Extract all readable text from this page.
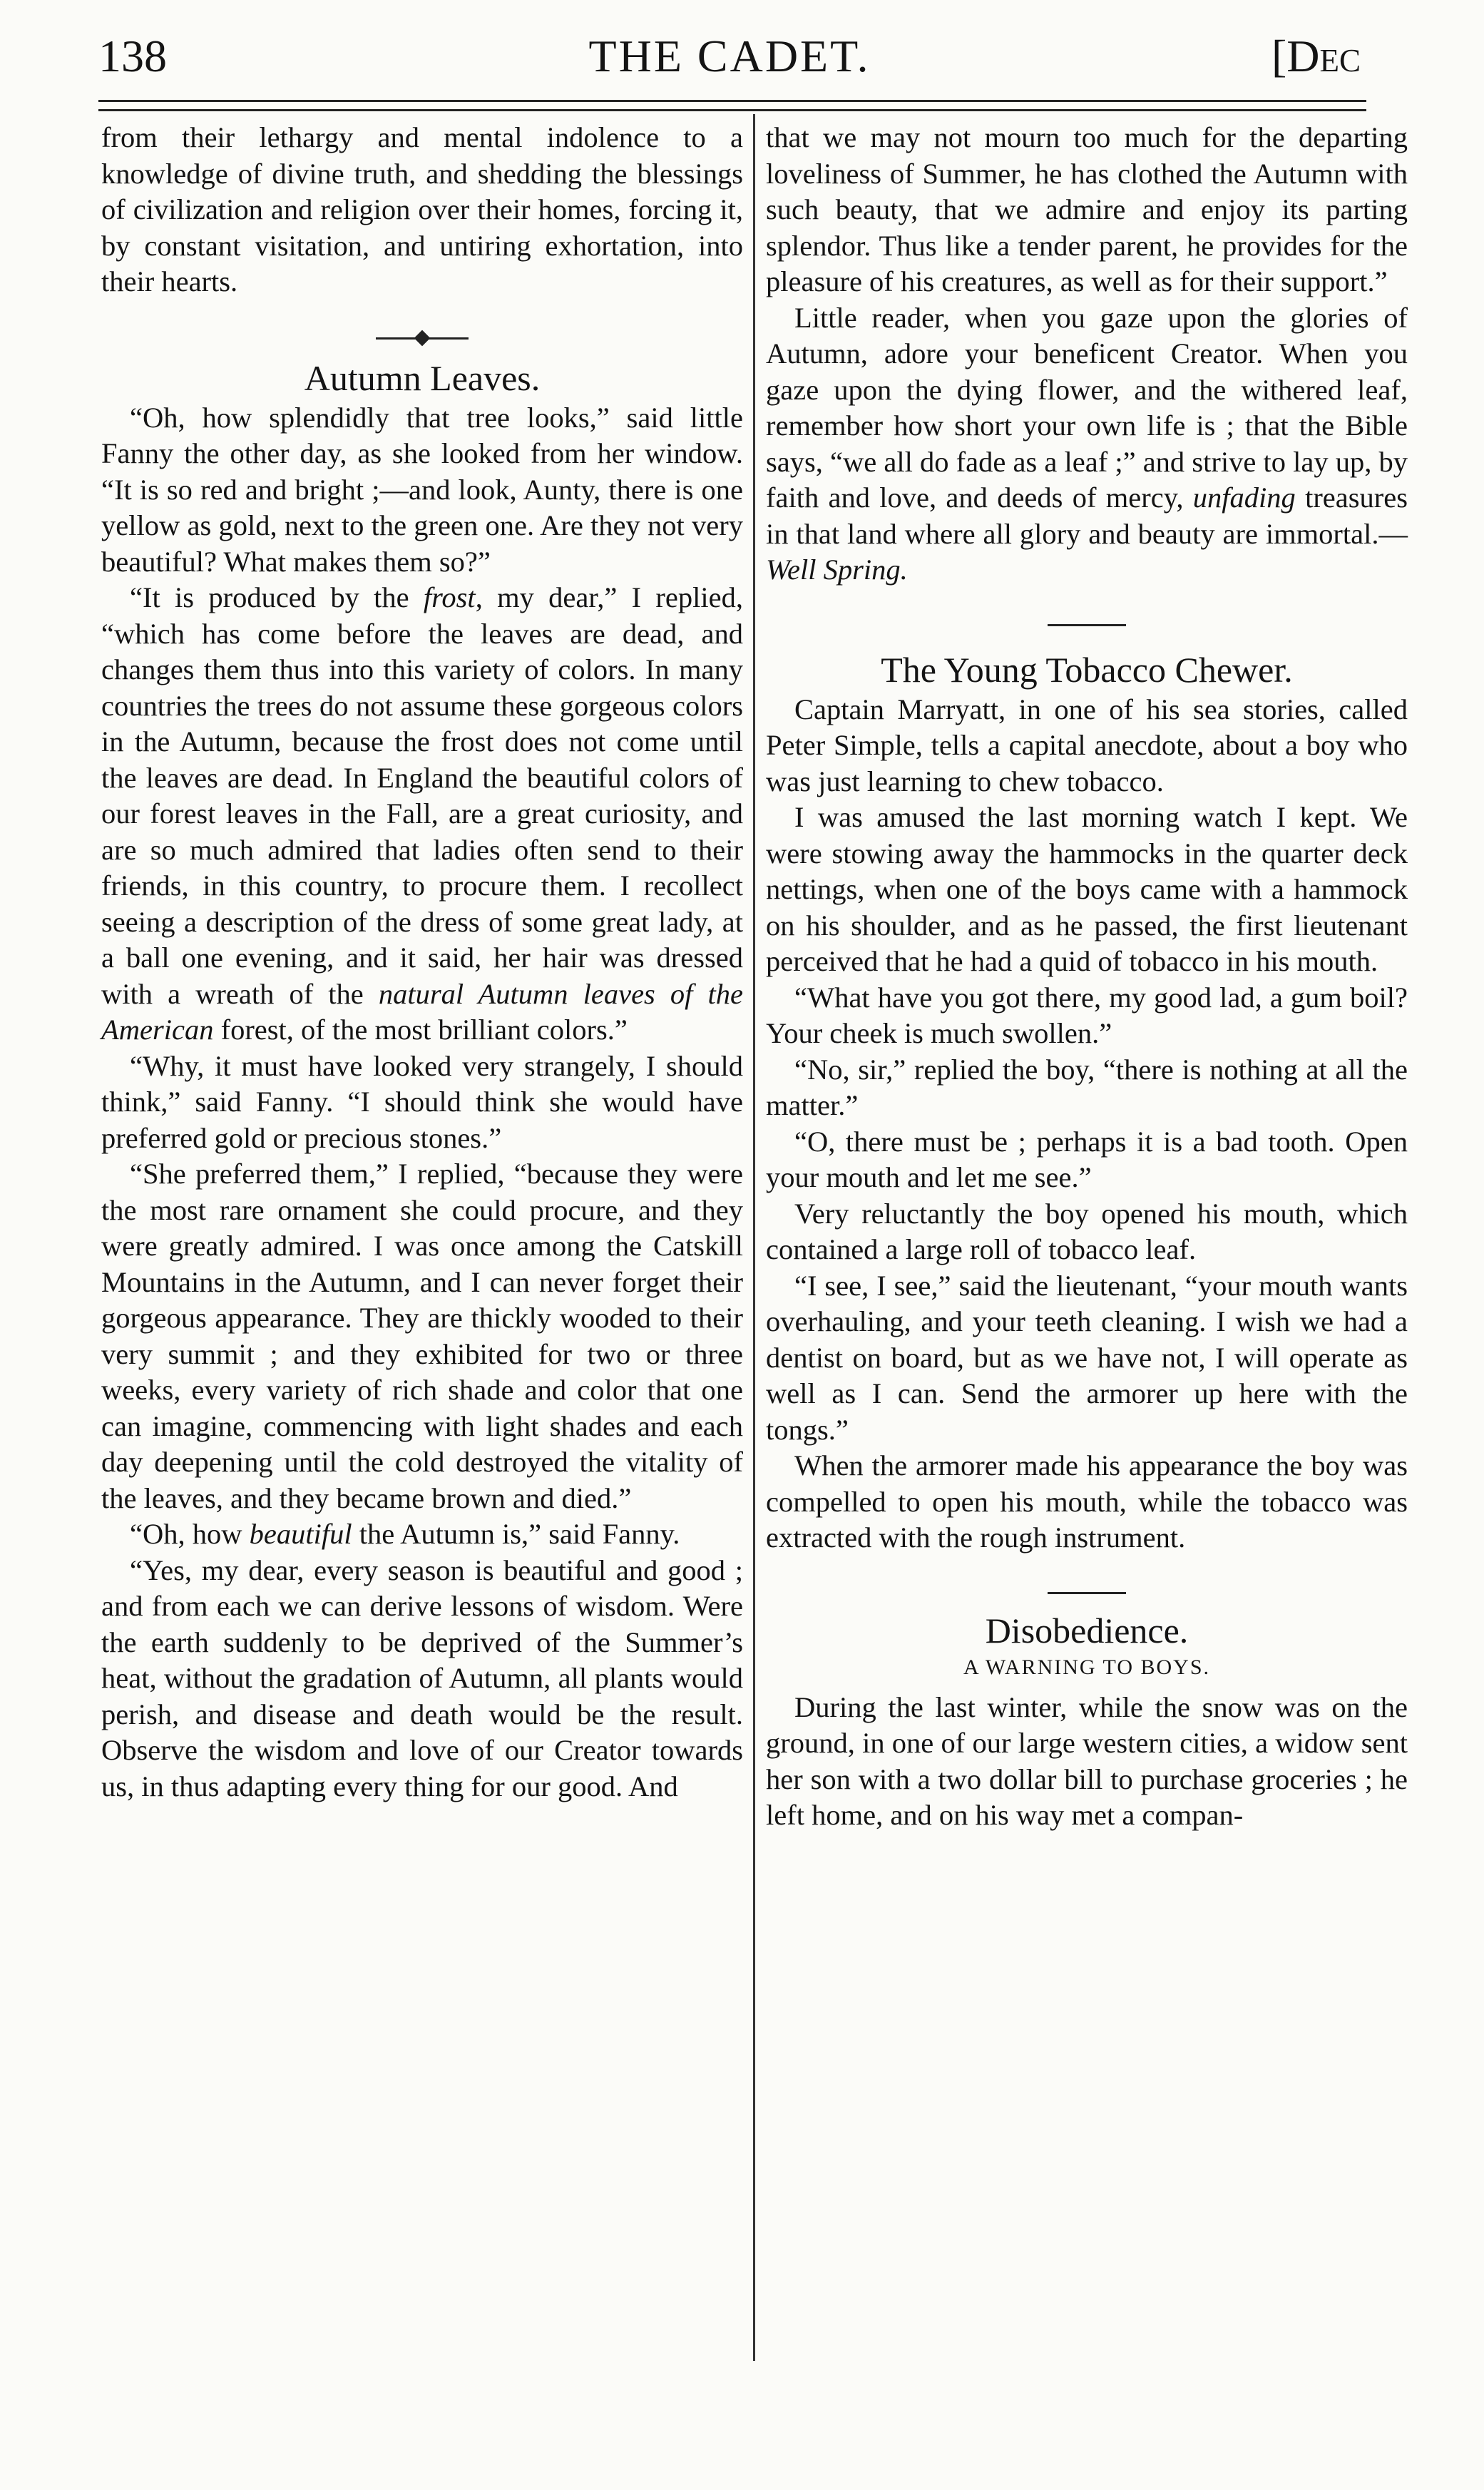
138	THE CADET.	[Dec

from their lethargy and mental indolence to a knowledge of divine truth, and shedding the blessings of civilization and religion over their homes, forcing it, by constant visitation, and untiring exhortation, into their hearts.

Autumn Leaves.

“Oh, how splendidly that tree looks,” said little Fanny the other day, as she looked from her window. “It is so red and bright ;—and look, Aunty, there is one yellow as gold, next to the green one. Are they not very beautiful? What makes them so?”

“It is produced by the frost, my dear,” I replied, “which has come before the leaves are dead, and changes them thus into this variety of colors. In many countries the trees do not assume these gorgeous colors in the Autumn, because the frost does not come until the leaves are dead. In England the beautiful colors of our forest leaves in the Fall, are a great curiosity, and are so much admired that ladies often send to their friends, in this country, to procure them. I recollect seeing a description of the dress of some great lady, at a ball one evening, and it said, her hair was dressed with a wreath of the natural Autumn leaves of the American forest, of the most brilliant colors.”

“Why, it must have looked very strangely, I should think,” said Fanny. “I should think she would have preferred gold or precious stones.”

“She preferred them,” I replied, “because they were the most rare ornament she could procure, and they were greatly admired. I was once among the Catskill Mountains in the Autumn, and I can never forget their gorgeous appearance. They are thickly wooded to their very summit ; and they exhibited for two or three weeks, every variety of rich shade and color that one can imagine, commencing with light shades and each day deepening until the cold destroyed the vitality of the leaves, and they became brown and died.”

“Oh, how beautiful the Autumn is,” said Fanny.

“Yes, my dear, every season is beautiful and good ; and from each we can derive lessons of wisdom. Were the earth suddenly to be deprived of the Summer’s heat, without the gradation of Autumn, all plants would perish, and disease and death would be the result. Observe the wisdom and love of our Creator towards us, in thus adapting every thing for our good. And

that we may not mourn too much for the departing loveliness of Summer, he has clothed the Autumn with such beauty, that we admire and enjoy its parting splendor. Thus like a tender parent, he provides for the pleasure of his creatures, as well as for their support.”

Little reader, when you gaze upon the glories of Autumn, adore your beneficent Creator. When you gaze upon the dying flower, and the withered leaf, remember how short your own life is ; that the Bible says, “we all do fade as a leaf ;” and strive to lay up, by faith and love, and deeds of mercy, unfading treasures in that land where all glory and beauty are immortal.— Well Spring.

The Young Tobacco Chewer.

Captain Marryatt, in one of his sea stories, called Peter Simple, tells a capital anecdote, about a boy who was just learning to chew tobacco.

I was amused the last morning watch I kept. We were stowing away the hammocks in the quarter deck nettings, when one of the boys came with a hammock on his shoulder, and as he passed, the first lieutenant perceived that he had a quid of tobacco in his mouth.

“What have you got there, my good lad, a gum boil? Your cheek is much swollen.”

“No, sir,” replied the boy, “there is nothing at all the matter.”

“O, there must be ; perhaps it is a bad tooth. Open your mouth and let me see.”

Very reluctantly the boy opened his mouth, which contained a large roll of tobacco leaf.

“I see, I see,” said the lieutenant, “your mouth wants overhauling, and your teeth cleaning. I wish we had a dentist on board, but as we have not, I will operate as well as I can. Send the armorer up here with the tongs.”

When the armorer made his appearance the boy was compelled to open his mouth, while the tobacco was extracted with the rough instrument.

Disobedience.
A WARNING TO BOYS.

During the last winter, while the snow was on the ground, in one of our large western cities, a widow sent her son with a two dollar bill to purchase groceries ; he left home, and on his way met a compan-
